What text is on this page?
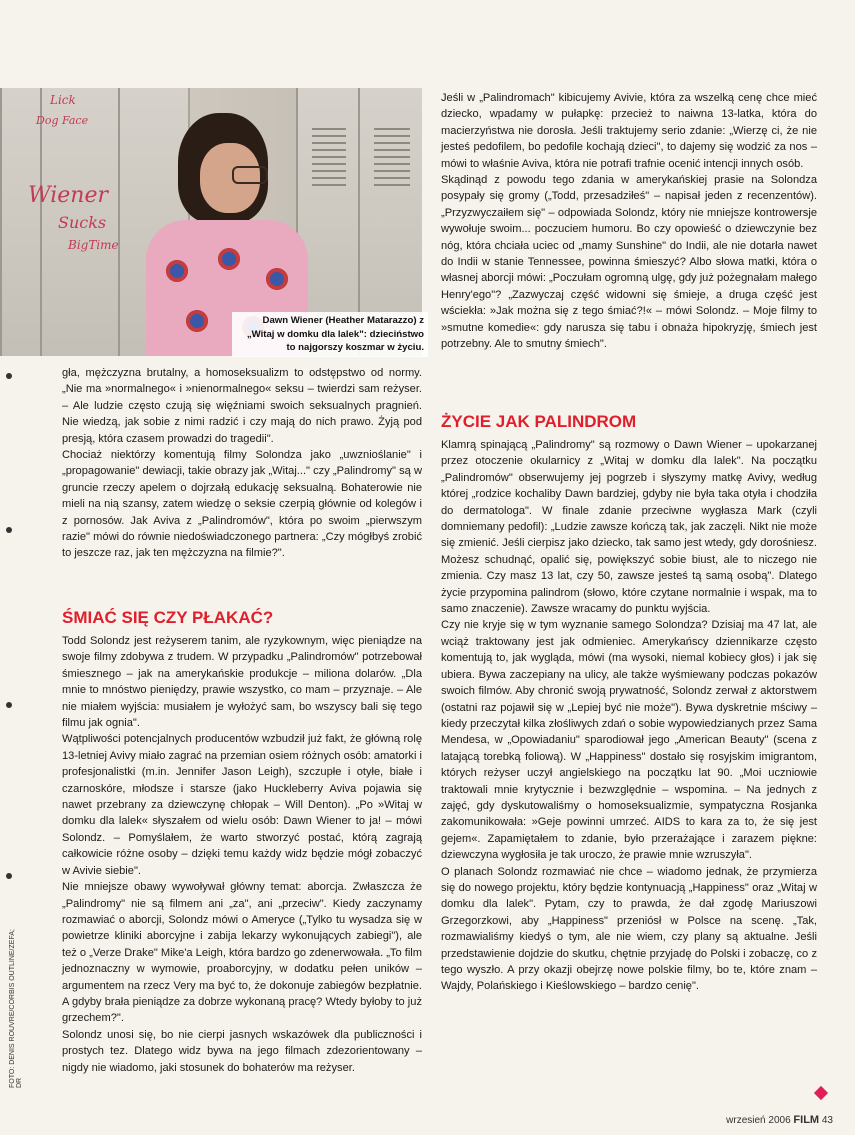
Wiener
Sucks
BigTime
Lick
Dog Face
Dawn Wiener (Heather Matarazzo) z „Witaj w domku dla lalek": dzieciństwo to najgorszy koszmar w życiu.

gła, mężczyzna brutalny, a homoseksualizm to odstępstwo od normy. „Nie ma »normalnego« i »nienormalnego« seksu – twierdzi sam reżyser. – Ale ludzie często czują się więźniami swoich seksualnych pragnień. Nie wiedzą, jak sobie z nimi radzić i czy mają do nich prawo. Żyją pod presją, która czasem prowadzi do tragedii".

Chociaż niektórzy komentują filmy Solondza jako „uwznioślanie" i „propagowanie" dewiacji, takie obrazy jak „Witaj..." czy „Palindromy" są w gruncie rzeczy apelem o dojrzałą edukację seksualną. Bohaterowie nie mieli na nią szansy, zatem wiedzę o seksie czerpią głównie od kolegów i z pornosów. Jak Aviva z „Palindromów", która po swoim „pierwszym razie" mówi do równie niedoświadczonego partnera: „Czy mógłbyś zrobić to jeszcze raz, jak ten mężczyzna na filmie?".

ŚMIAĆ SIĘ CZY PŁAKAĆ?

Todd Solondz jest reżyserem tanim, ale ryzykownym, więc pieniądze na swoje filmy zdobywa z trudem. W przypadku „Palindromów" potrzebował śmiesznego – jak na amerykańskie produkcje – miliona dolarów. „Dla mnie to mnóstwo pieniędzy, prawie wszystko, co mam – przyznaje. – Ale nie miałem wyjścia: musiałem je wyłożyć sam, bo wszyscy bali się tego filmu jak ognia".

Wątpliwości potencjalnych producentów wzbudził już fakt, że główną rolę 13-letniej Avivy miało zagrać na przemian osiem różnych osób: amatorki i profesjonalistki (m.in. Jennifer Jason Leigh), szczupłe i otyłe, białe i czarnoskóre, młodsze i starsze (jako Huckleberry Aviva pojawia się nawet przebrany za dziewczynę chłopak – Will Denton). „Po »Witaj w domku dla lalek« słyszałem od wielu osób: Dawn Wiener to ja! – mówi Solondz. – Pomyślałem, że warto stworzyć postać, którą zagrają całkowicie różne osoby – dzięki temu każdy widz będzie mógł zobaczyć w Avivie siebie".

Nie mniejsze obawy wywoływał główny temat: aborcja. Zwłaszcza że „Palindromy" nie są filmem ani „za", ani „przeciw". Kiedy zaczynamy rozmawiać o aborcji, Solondz mówi o Ameryce („Tylko tu wysadza się w powietrze kliniki aborcyjne i zabija lekarzy wykonujących zabiegi"), ale też o „Verze Drake" Mike'a Leigh, która bardzo go zdenerwowała. „To film jednoznaczny w wymowie, proaborcyjny, w dodatku pełen uników – argumentem na rzecz Very ma być to, że dokonuje zabiegów bezpłatnie. A gdyby brała pieniądze za dobrze wykonaną pracę? Wtedy byłoby to już grzechem?".

Solondz unosi się, bo nie cierpi jasnych wskazówek dla publiczności i prostych tez. Dlatego widz bywa na jego filmach zdezorientowany – nigdy nie wiadomo, jaki stosunek do bohaterów ma reżyser.

Jeśli w „Palindromach" kibicujemy Avivie, która za wszelką cenę chce mieć dziecko, wpadamy w pułapkę: przecież to naiwna 13-latka, która do macierzyństwa nie dorosła. Jeśli traktujemy serio zdanie: „Wierzę ci, że nie jesteś pedofilem, bo pedofile kochają dzieci", to dajemy się wodzić za nos – mówi to właśnie Aviva, która nie potrafi trafnie ocenić intencji innych osób.

Skądinąd z powodu tego zdania w amerykańskiej prasie na Solondza posypały się gromy („Todd, przesadziłeś" – napisał jeden z recenzentów). „Przyzwyczaiłem się" – odpowiada Solondz, który nie mniejsze kontrowersje wywołuje swoim... poczuciem humoru. Bo czy opowieść o dziewczynie bez nóg, która chciała uciec od „mamy Sunshine" do Indii, ale nie dotarła nawet do Indii w stanie Tennessee, powinna śmieszyć? Albo słowa matki, która o własnej aborcji mówi: „Poczułam ogromną ulgę, gdy już pożegnałam małego Henry'ego"? „Zazwyczaj część widowni się śmieje, a druga część jest wściekła: »Jak można się z tego śmiać?!« – mówi Solondz. – Moje filmy to »smutne komedie«: gdy narusza się tabu i obnaża hipokryzję, śmiech jest potrzebny. Ale to smutny śmiech".

ŻYCIE JAK PALINDROM

Klamrą spinającą „Palindromy" są rozmowy o Dawn Wiener – upokarzanej przez otoczenie okularnicy z „Witaj w domku dla lalek". Na początku „Palindromów" obserwujemy jej pogrzeb i słyszymy matkę Avivy, według której „rodzice kochaliby Dawn bardziej, gdyby nie była taka otyła i chodziła do dermatologa". W finale zdanie przeciwne wygłasza Mark (czyli domniemany pedofil): „Ludzie zawsze kończą tak, jak zaczęli. Nikt nie może się zmienić. Jeśli cierpisz jako dziecko, tak samo jest wtedy, gdy dorośniesz. Możesz schudnąć, opalić się, powiększyć sobie biust, ale to niczego nie zmienia. Czy masz 13 lat, czy 50, zawsze jesteś tą samą osobą". Dlatego życie przypomina palindrom (słowo, które czytane normalnie i wspak, ma to samo znaczenie). Zawsze wracamy do punktu wyjścia.

Czy nie kryje się w tym wyznanie samego Solondza? Dzisiaj ma 47 lat, ale wciąż traktowany jest jak odmieniec. Amerykańscy dziennikarze często komentują to, jak wygląda, mówi (ma wysoki, niemal kobiecy głos) i jak się ubiera. Bywa zaczepiany na ulicy, ale także wyśmiewany podczas pokazów swoich filmów. Aby chronić swoją prywatność, Solondz zerwał z aktorstwem (ostatni raz pojawił się w „Lepiej być nie może"). Bywa dyskretnie mściwy – kiedy przeczytał kilka złośliwych zdań o sobie wypowiedzianych przez Sama Mendesa, w „Opowiadaniu" sparodiował jego „American Beauty" (scena z latającą torebką foliową). W „Happiness" dostało się rosyjskim imigrantom, których reżyser uczył angielskiego na początku lat 90. „Moi uczniowie traktowali mnie krytycznie i bezwzględnie – wspomina. – Na jednych z zajęć, gdy dyskutowaliśmy o homoseksualizmie, sympatyczna Rosjanka zakomunikowała: »Geje powinni umrzeć. AIDS to kara za to, że się jest gejem«. Zapamiętałem to zdanie, było przerażające i zarazem piękne: dziewczyna wygłosiła je tak uroczo, że prawie mnie wzruszyła".

O planach Solondz rozmawiać nie chce – wiadomo jednak, że przymierza się do nowego projektu, który będzie kontynuacją „Happiness" oraz „Witaj w domku dla lalek". Pytam, czy to prawda, że dał zgodę Mariuszowi Grzegorzkowi, aby „Happiness" przeniósł w Polsce na scenę. „Tak, rozmawialiśmy kiedyś o tym, ale nie wiem, czy plany są aktualne. Jeśli przedstawienie dojdzie do skutku, chętnie przyjadę do Polski i zobaczę, co z tego wyszło. A przy okazji obejrzę nowe polskie filmy, bo te, które znam – Wajdy, Polańskiego i Kieślowskiego – bardzo cenię".

FOTO: DENIS ROUVRE/CORBIS OUTLINE/ZEFA; DR
wrzesień 2006 FILM 43
